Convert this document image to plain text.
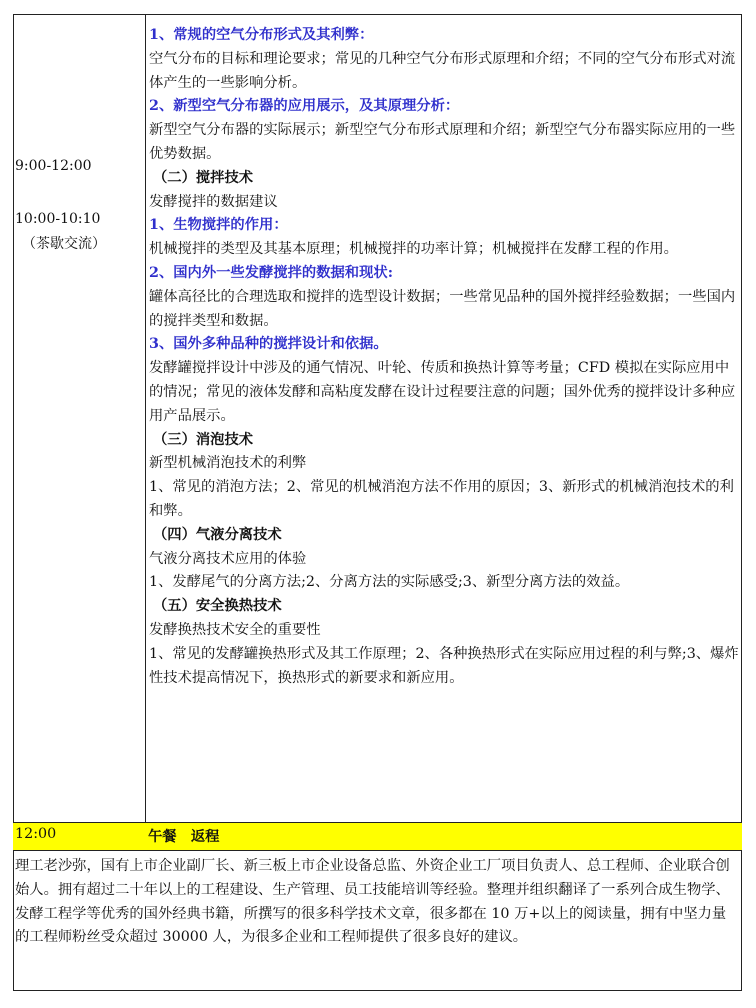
9:00-12:00
10:00-10:10
（茶歇交流）

1、常规的空气分布形式及其利弊：

空气分布的目标和理论要求；常见的几种空气分布形式原理和介绍；不同的空气分布形式对流体产生的一些影响分析。

2、新型空气分布器的应用展示，及其原理分析：

新型空气分布器的实际展示；新型空气分布形式原理和介绍；新型空气分布器实际应用的一些优势数据。

（二）搅拌技术

发酵搅拌的数据建议

1、生物搅拌的作用：

机械搅拌的类型及其基本原理；机械搅拌的功率计算；机械搅拌在发酵工程的作用。

2、国内外一些发酵搅拌的数据和现状:

罐体高径比的合理选取和搅拌的选型设计数据；一些常见品种的国外搅拌经验数据；一些国内的搅拌类型和数据。

3、国外多种品种的搅拌设计和依据。

发酵罐搅拌设计中涉及的通气情况、叶轮、传质和换热计算等考量；CFD 模拟在实际应用中的情况；常见的液体发酵和高粘度发酵在设计过程要注意的问题；国外优秀的搅拌设计多种应用产品展示。

（三）消泡技术

新型机械消泡技术的利弊

1、常见的消泡方法；2、常见的机械消泡方法不作用的原因；3、新形式的机械消泡技术的利和弊。

（四）气液分离技术

气液分离技术应用的体验

1、发酵尾气的分离方法;2、分离方法的实际感受;3、新型分离方法的效益。

（五）安全换热技术

发酵换热技术安全的重要性

1、常见的发酵罐换热形式及其工作原理；2、各种换热形式在实际应用过程的利与弊;3、爆炸性技术提高情况下，换热形式的新要求和新应用。

12:00	午餐　返程
理工老沙弥，国有上市企业副厂长、新三板上市企业设备总监、外资企业工厂项目负责人、总工程师、企业联合创始人。拥有超过二十年以上的工程建设、生产管理、员工技能培训等经验。整理并组织翻译了一系列合成生物学、发酵工程学等优秀的国外经典书籍，所撰写的很多科学技术文章，很多都在 10 万+以上的阅读量，拥有中坚力量的工程师粉丝受众超过 30000 人，为很多企业和工程师提供了很多良好的建议。
